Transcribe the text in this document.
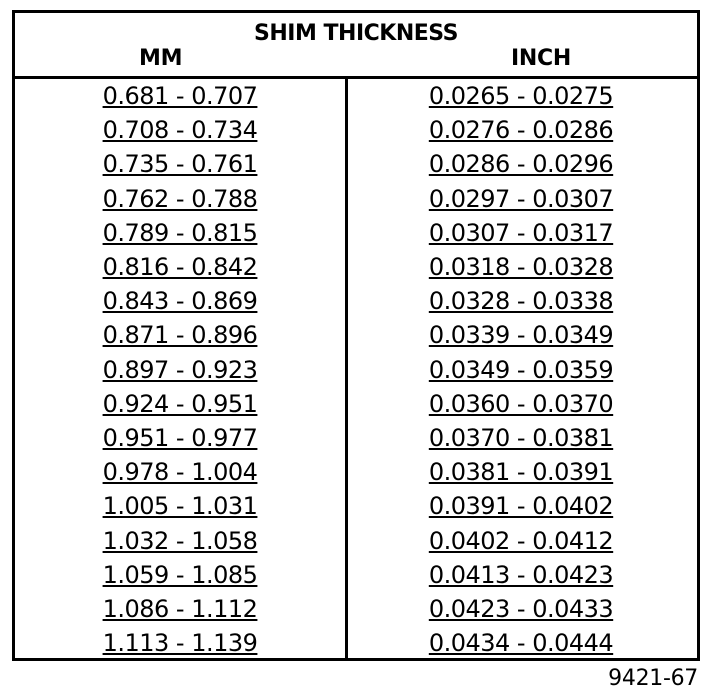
SHIM THICKNESS
MM	INCH
0.681 - 0.707	0.0265 - 0.0275
0.708 - 0.734	0.0276 - 0.0286
0.735 - 0.761	0.0286 - 0.0296
0.762 - 0.788	0.0297 - 0.0307
0.789 - 0.815	0.0307 - 0.0317
0.816 - 0.842	0.0318 - 0.0328
0.843 - 0.869	0.0328 - 0.0338
0.871 - 0.896	0.0339 - 0.0349
0.897 - 0.923	0.0349 - 0.0359
0.924 - 0.951	0.0360 - 0.0370
0.951 - 0.977	0.0370 - 0.0381
0.978 - 1.004	0.0381 - 0.0391
1.005 - 1.031	0.0391 - 0.0402
1.032 - 1.058	0.0402 - 0.0412
1.059 - 1.085	0.0413 - 0.0423
1.086 - 1.112	0.0423 - 0.0433
1.113 - 1.139	0.0434 - 0.0444
9421-67
